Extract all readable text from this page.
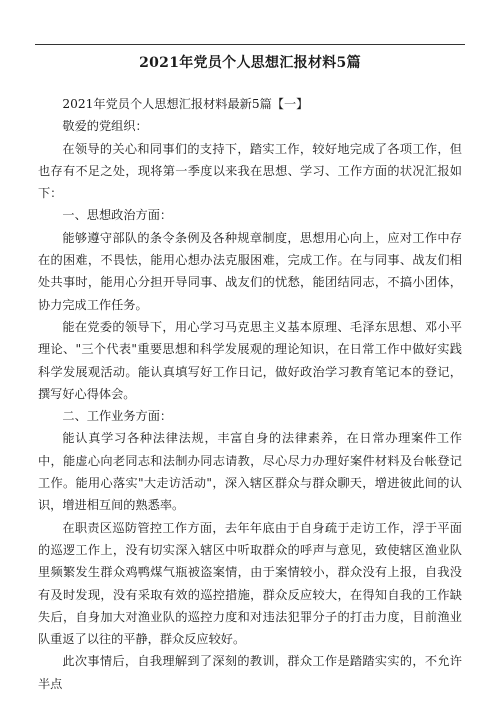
2021年党员个人思想汇报材料5篇

2021年党员个人思想汇报材料最新5篇【一】

敬爱的党组织：

在领导的关心和同事们的支持下，踏实工作，较好地完成了各项工作，但也存有不足之处，现将第一季度以来我在思想、学习、工作方面的状况汇报如下：

一、思想政治方面：

能够遵守部队的条令条例及各种规章制度，思想用心向上，应对工作中存在的困难，不畏怯，能用心想办法克服困难，完成工作。在与同事、战友们相处共事时，能用心分担开导同事、战友们的忧愁，能团结同志，不搞小团体，协力完成工作任务。

能在党委的领导下，用心学习马克思主义基本原理、毛泽东思想、邓小平理论、"三个代表"重要思想和科学发展观的理论知识，在日常工作中做好实践科学发展观活动。能认真填写好工作日记，做好政治学习教育笔记本的登记，撰写好心得体会。

二、工作业务方面：

能认真学习各种法律法规，丰富自身的法律素养，在日常办理案件工作中，能虚心向老同志和法制办同志请教，尽心尽力办理好案件材料及台帐登记工作。能用心落实"大走访活动"，深入辖区群众与群众聊天，增进彼此间的认识，增进相互间的熟悉率。

在职责区巡防管控工作方面，去年年底由于自身疏于走访工作，浮于平面的巡逻工作上，没有切实深入辖区中听取群众的呼声与意见，致使辖区渔业队里频繁发生群众鸡鸭煤气瓶被盗案情，由于案情较小，群众没有上报，自我没有及时发现，没有采取有效的巡控措施，群众反应较大，在得知自我的工作缺失后，自身加大对渔业队的巡控力度和对违法犯罪分子的打击力度，目前渔业队重返了以往的平静，群众反应较好。

此次事情后，自我理解到了深刻的教训，群众工作是踏踏实实的，不允许半点
